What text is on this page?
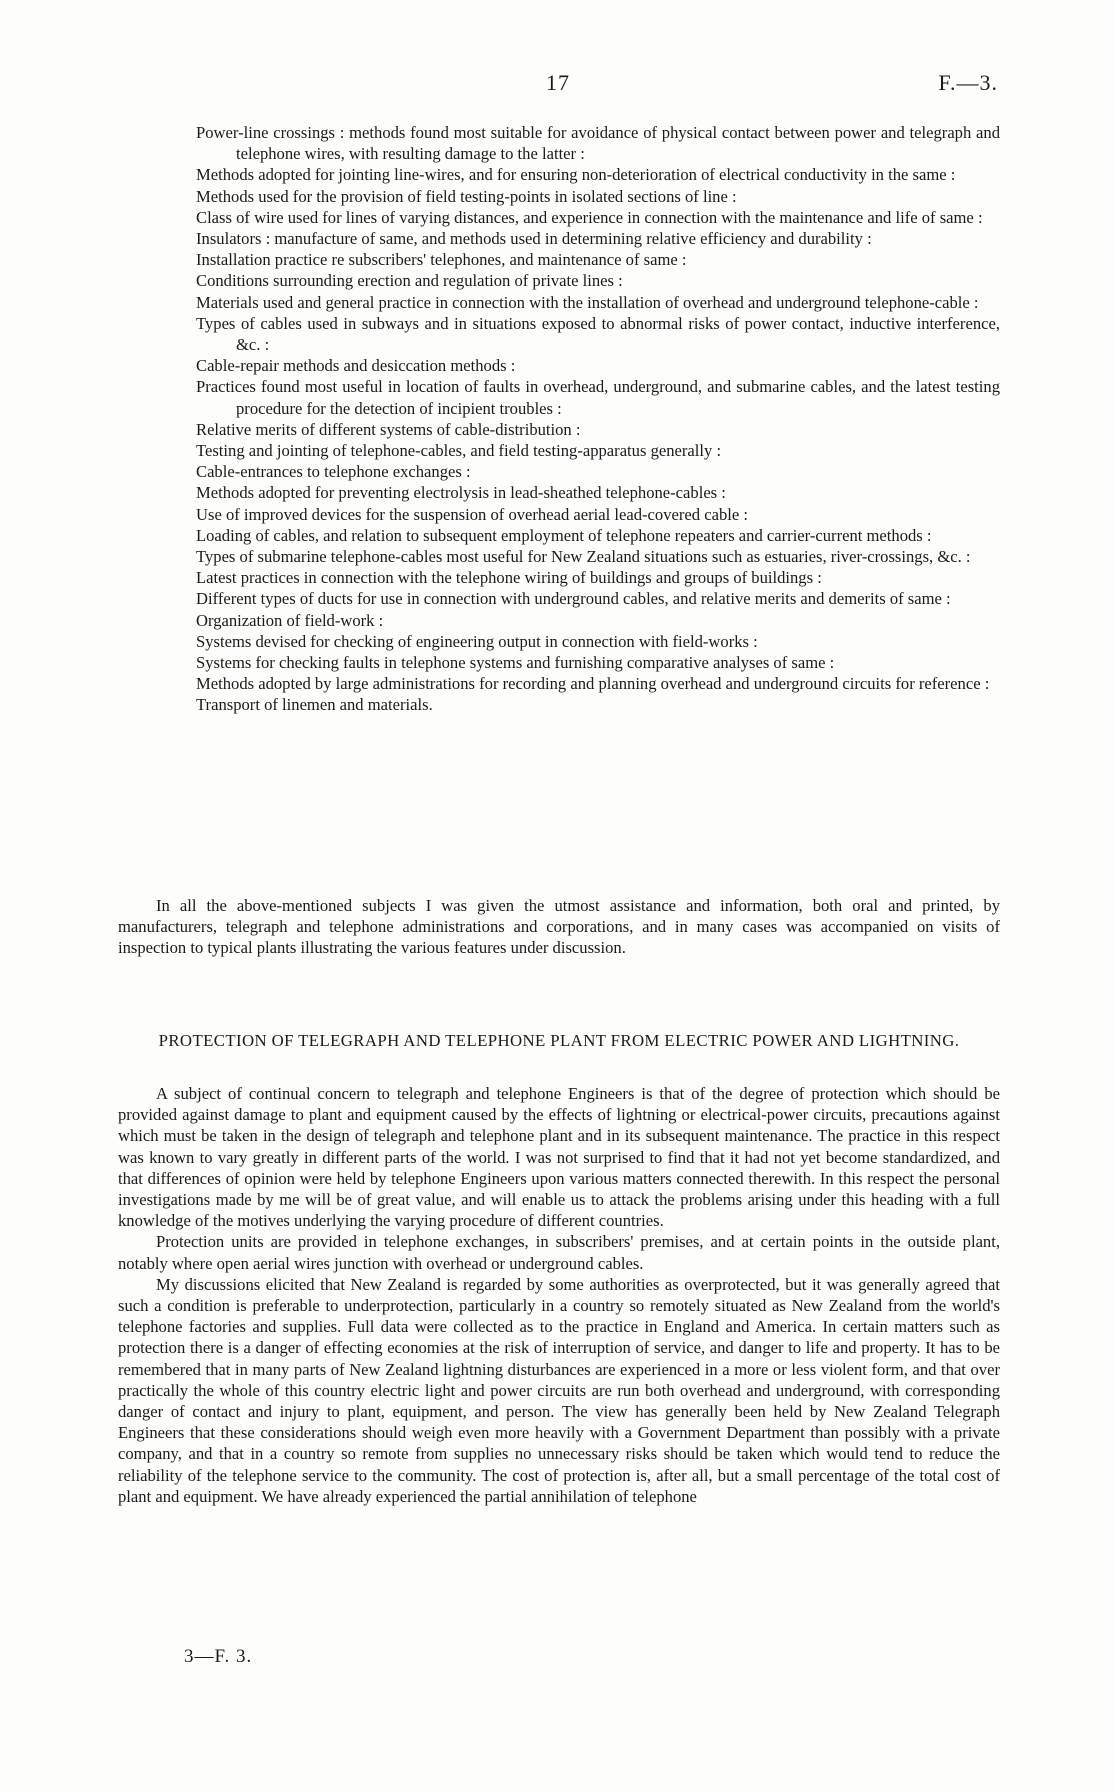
17	F.—3.
Power-line crossings : methods found most suitable for avoidance of physical contact between power and telegraph and telephone wires, with resulting damage to the latter :
Methods adopted for jointing line-wires, and for ensuring non-deterioration of electrical conductivity in the same :
Methods used for the provision of field testing-points in isolated sections of line :
Class of wire used for lines of varying distances, and experience in connection with the maintenance and life of same :
Insulators : manufacture of same, and methods used in determining relative efficiency and durability :
Installation practice re subscribers' telephones, and maintenance of same :
Conditions surrounding erection and regulation of private lines :
Materials used and general practice in connection with the installation of overhead and underground telephone-cable :
Types of cables used in subways and in situations exposed to abnormal risks of power contact, inductive interference, &c. :
Cable-repair methods and desiccation methods :
Practices found most useful in location of faults in overhead, underground, and submarine cables, and the latest testing procedure for the detection of incipient troubles :
Relative merits of different systems of cable-distribution :
Testing and jointing of telephone-cables, and field testing-apparatus generally :
Cable-entrances to telephone exchanges :
Methods adopted for preventing electrolysis in lead-sheathed telephone-cables :
Use of improved devices for the suspension of overhead aerial lead-covered cable :
Loading of cables, and relation to subsequent employment of telephone repeaters and carrier-current methods :
Types of submarine telephone-cables most useful for New Zealand situations such as estuaries, river-crossings, &c. :
Latest practices in connection with the telephone wiring of buildings and groups of buildings :
Different types of ducts for use in connection with underground cables, and relative merits and demerits of same :
Organization of field-work :
Systems devised for checking of engineering output in connection with field-works :
Systems for checking faults in telephone systems and furnishing comparative analyses of same :
Methods adopted by large administrations for recording and planning overhead and underground circuits for reference :
Transport of linemen and materials.

In all the above-mentioned subjects I was given the utmost assistance and information, both oral and printed, by manufacturers, telegraph and telephone administrations and corporations, and in many cases was accompanied on visits of inspection to typical plants illustrating the various features under discussion.

PROTECTION OF TELEGRAPH AND TELEPHONE PLANT FROM ELECTRIC POWER AND LIGHTNING.

A subject of continual concern to telegraph and telephone Engineers is that of the degree of protection which should be provided against damage to plant and equipment caused by the effects of lightning or electrical-power circuits, precautions against which must be taken in the design of telegraph and telephone plant and in its subsequent maintenance. The practice in this respect was known to vary greatly in different parts of the world. I was not surprised to find that it had not yet become standardized, and that differences of opinion were held by telephone Engineers upon various matters connected therewith. In this respect the personal investigations made by me will be of great value, and will enable us to attack the problems arising under this heading with a full knowledge of the motives underlying the varying procedure of different countries.

Protection units are provided in telephone exchanges, in subscribers' premises, and at certain points in the outside plant, notably where open aerial wires junction with overhead or underground cables.

My discussions elicited that New Zealand is regarded by some authorities as overprotected, but it was generally agreed that such a condition is preferable to underprotection, particularly in a country so remotely situated as New Zealand from the world's telephone factories and supplies. Full data were collected as to the practice in England and America. In certain matters such as protection there is a danger of effecting economies at the risk of interruption of service, and danger to life and property. It has to be remembered that in many parts of New Zealand lightning disturbances are experienced in a more or less violent form, and that over practically the whole of this country electric light and power circuits are run both overhead and underground, with corresponding danger of contact and injury to plant, equipment, and person. The view has generally been held by New Zealand Telegraph Engineers that these considerations should weigh even more heavily with a Government Department than possibly with a private company, and that in a country so remote from supplies no unnecessary risks should be taken which would tend to reduce the reliability of the telephone service to the community. The cost of protection is, after all, but a small percentage of the total cost of plant and equipment. We have already experienced the partial annihilation of telephone

3—F. 3.
